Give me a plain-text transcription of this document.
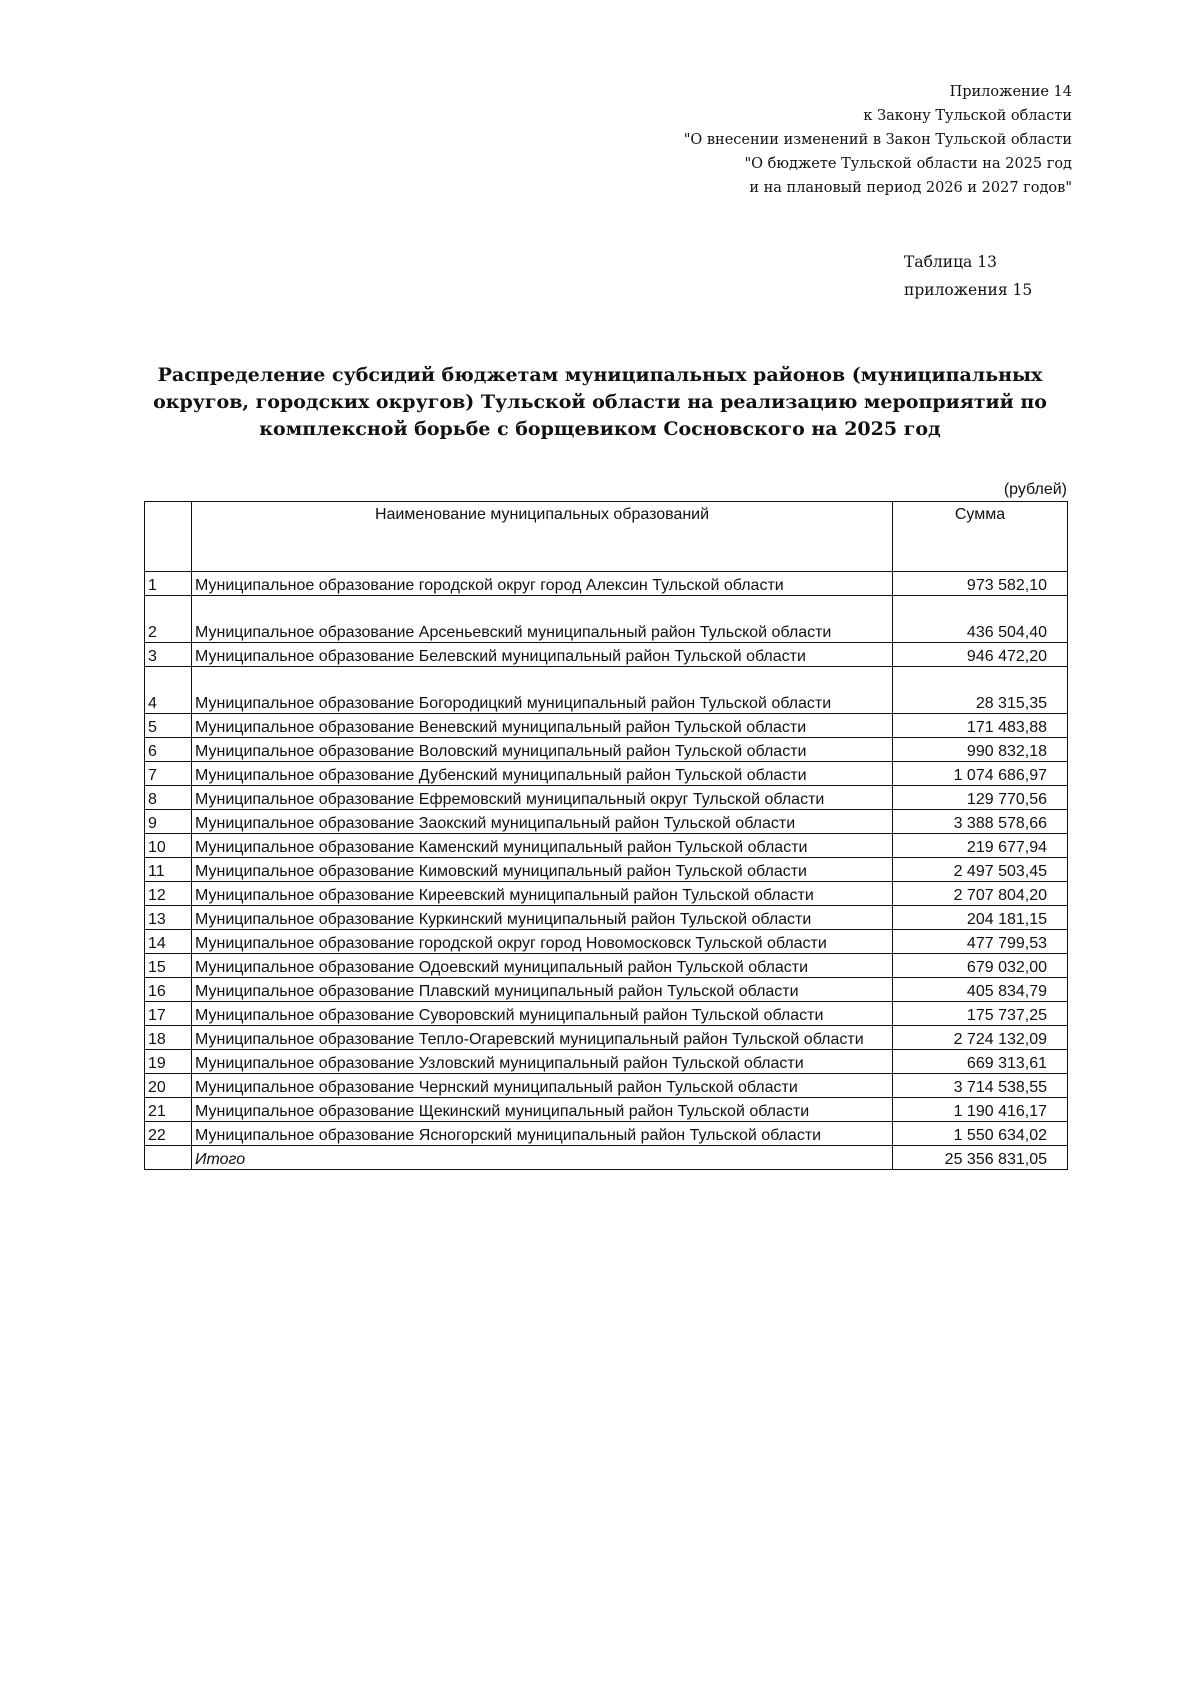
Приложение 14
к Закону Тульской области
"О внесении изменений в Закон Тульской области
"О бюджете Тульской области на 2025 год
и на плановый период 2026 и 2027 годов"
Таблица 13
приложения 15
Распределение субсидий бюджетам муниципальных районов (муниципальных округов, городских округов) Тульской области на реализацию мероприятий по комплексной борьбе с борщевиком Сосновского на 2025 год
(рублей)
	Наименование муниципальных образований	Сумма
1	Муниципальное образование городской округ город Алексин Тульской области	973 582,10
2	Муниципальное образование Арсеньевский муниципальный район Тульской области	436 504,40
3	Муниципальное образование Белевский муниципальный район Тульской области	946 472,20
4	Муниципальное образование Богородицкий муниципальный район Тульской области	28 315,35
5	Муниципальное образование Веневский муниципальный район Тульской области	171 483,88
6	Муниципальное образование Воловский муниципальный район Тульской области	990 832,18
7	Муниципальное образование Дубенский муниципальный район Тульской области	1 074 686,97
8	Муниципальное образование Ефремовский муниципальный округ Тульской области	129 770,56
9	Муниципальное образование Заокский муниципальный район Тульской области	3 388 578,66
10	Муниципальное образование Каменский муниципальный район Тульской области	219 677,94
11	Муниципальное образование Кимовский муниципальный район Тульской области	2 497 503,45
12	Муниципальное образование Киреевский муниципальный район Тульской области	2 707 804,20
13	Муниципальное образование Куркинский муниципальный район Тульской области	204 181,15
14	Муниципальное образование городской округ город Новомосковск Тульской области	477 799,53
15	Муниципальное образование Одоевский муниципальный район Тульской области	679 032,00
16	Муниципальное образование Плавский муниципальный район Тульской области	405 834,79
17	Муниципальное образование Суворовский муниципальный район Тульской области	175 737,25
18	Муниципальное образование Тепло-Огаревский муниципальный район Тульской области	2 724 132,09
19	Муниципальное образование Узловский муниципальный район Тульской области	669 313,61
20	Муниципальное образование Чернский муниципальный район Тульской области	3 714 538,55
21	Муниципальное образование Щекинский муниципальный район Тульской области	1 190 416,17
22	Муниципальное образование Ясногорский муниципальный район Тульской области	1 550 634,02
	Итого	25 356 831,05
